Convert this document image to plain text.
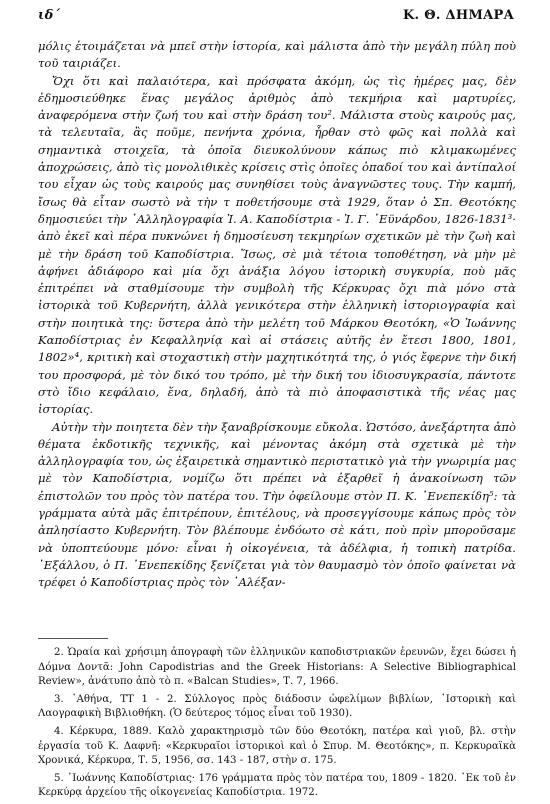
ιδ´	Κ. Θ. ΔΗΜΑΡΑ

μόλις ἑτοιμάζεται νὰ μπεῖ στὴν ἱστορία, καὶ μάλιστα ἀπὸ τὴν μεγάλη πύλη ποὺ τοῦ ταιριάζει.

Ὄχι ὅτι καὶ παλαιότερα, καὶ πρόσφατα ἀκόμη, ὡς τὶς ἡμέρες μας, δὲν ἐδημοσιεύθηκε ἕνας μεγάλος ἀριθμὸς ἀπὸ τεκμήρια καὶ μαρτυρίες, ἀναφερόμενα στὴν ζωή του καὶ στὴν δράση του². Μάλιστα στοὺς καιρούς μας, τὰ τελευταῖα, ἂς ποῦμε, πενήντα χρόνια, ἦρθαν στὸ φῶς καὶ πολλὰ καὶ σημαντικὰ στοιχεῖα, τὰ ὁποῖα διευκολύνουν κάπως πιὸ κλιμακωμένες ἀποχρώσεις, ἀπὸ τὶς μονολιθικὲς κρίσεις στὶς ὁποῖες ὁπαδοί του καὶ ἀντίπαλοί του εἶχαν ὡς τοὺς καιρούς μας συνηθίσει τοὺς ἀναγνῶστες τους. Τὴν καμπή, ἴσως θὰ εἶταν σωστὸ νὰ τὴν τ ποθετήσουμε στὰ 1929, ὅταν ὁ Σπ. Θεοτόκης δημοσιεύει τὴν ᾿Αλληλογραφία Ἰ. Α. Καποδίστρια - Ἰ. Γ. ᾿Εϋνάρδου, 1826-1831³· ἀπὸ ἐκεῖ καὶ πέρα πυκνώνει ἡ δημοσίευση τεκμηρίων σχετικῶν μὲ τὴν ζωὴ καὶ μὲ τὴν δράση τοῦ Καποδίστρια. Ἴσως, σὲ μιὰ τέτοια τοποθέτηση, νὰ μὴν μὲ ἀφήνει ἀδιάφορο καὶ μία ὄχι ἀνάξια λόγου ἱστορικὴ συγκυρία, ποὺ μᾶς ἐπιτρέπει νὰ σταθμίσουμε τὴν συμβολὴ τῆς Κέρκυρας ὄχι πιὰ μόνο στὰ ἱστορικὰ τοῦ Κυβερνήτη, ἀλλὰ γενικότερα στὴν ἑλληνικὴ ἱστοριογραφία καὶ στὴν ποιητικὰ της: ὕστερα ἀπὸ τὴν μελέτη τοῦ Μάρκου Θεοτόκη, «Ὁ Ἰωάννης Καποδίστριας ἐν Κεφαλληνίᾳ καὶ αἱ στάσεις αὐτῆς ἐν ἔτεσι 1800, 1801, 1802»⁴, κριτικὴ καὶ στοχαστικὴ στὴν μαχητικότητά της, ὁ γιός ἔφερνε τὴν δική του προσφορά, μὲ τὸν δικό του τρόπο, μὲ τὴν δική του ἰδιοσυγκρασία, πάντοτε στὸ ἴδιο κεφάλαιο, ἕνα, δηλαδή, ἀπὸ τὰ πιὸ ἀποφασιστικὰ τῆς νέας μας ἱστορίας.

Αὐτὴν τὴν ποιητετα δὲν τὴν ξαναβρίσκουμε εὔκολα. Ὡστόσο, ἀνεξάρτητα ἀπὸ θέματα ἐκδοτικῆς τεχνικῆς, καὶ μένοντας ἀκόμη στὰ σχετικὰ μὲ τὴν ἀλληλογραφία του, ὡς ἐξαιρετικὰ σημαντικὸ περιστατικὸ γιὰ τὴν γνωριμία μας μὲ τὸν Καποδίστρια, νομίζω ὅτι πρέπει νὰ ἐξαρθεῖ ἡ ἀνακοίνωση τῶν ἐπιστολῶν του πρὸς τὸν πατέρα του. Τὴν ὀφείλουμε στὸν Π. Κ. ᾿Ενεπεκίδη⁵: τὰ γράμματα αὐτὰ μᾶς ἐπιτρέπουν, ἐπιτέλους, νὰ προσεγγίσουμε κάπως πρὸς τὸν ἀπλησίαστο Κυβερνήτη. Τὸν βλέπουμε ἐνδόωτο σὲ κάτι, ποὺ πρὶν μποροῦσαμε νὰ ὑποπτεύουμε μόνο: εἶναι ἡ οἰκογένεια, τὰ ἀδέλφια, ἡ τοπικὴ πατρίδα. ᾿Εξάλλου, ὁ Π. ᾿Ενεπεκίδης ξενίζεται γιὰ τὸν θαυμασμὸ τὸν ὁποῖο φαίνεται νὰ τρέφει ὁ Καποδίστριας πρὸς τὸν ᾿Αλέξαν-

2. Ὡραία καὶ χρήσιμη ἀπογραφὴ τῶν ἑλληνικῶν καποδιστριακῶν ἐρευνῶν, ἔχει δώσει ἡ Δόμνα Δοντᾶ: John Capodistrias and the Greek Historians: A Selective Bibliographical Review», ἀνάτυπο ἀπὸ τὸ π. «Balcan Studies», Τ. 7, 1966.

3. ᾿Αθήνα, ΤΤ 1 - 2. Σύλλογος πρὸς διάδοσιν ὠφελίμων βιβλίων, ῾Ιστορικὴ καὶ Λαογραφικὴ Βιβλιοθήκη. (Ὁ δεύτερος τόμος εἶναι τοῦ 1930).

4. Κέρκυρα, 1889. Καλὸ χαρακτηρισμὸ τῶν δύο Θεοτόκη, πατέρα καὶ γιοῦ, βλ. στὴν ἐργασία τοῦ Κ. Δαφνῆ: «Κερκυραῖοι ἱστορικοὶ καὶ ὁ Σπυρ. Μ. Θεοτόκης», π. Κερκυραϊκὰ Χρονικά, Κέρκυρα, Τ. 5, 1956, σσ. 143 - 187, στὴν σ. 175.

5. ᾿Ιωάννης Καποδίστριας· 176 γράμματα πρὸς τὸν πατέρα του, 1809 - 1820. ᾿Εκ τοῦ ἐν Κερκύρᾳ ἀρχείου τῆς οἰκογενείας Καποδίστρια. 1972.
